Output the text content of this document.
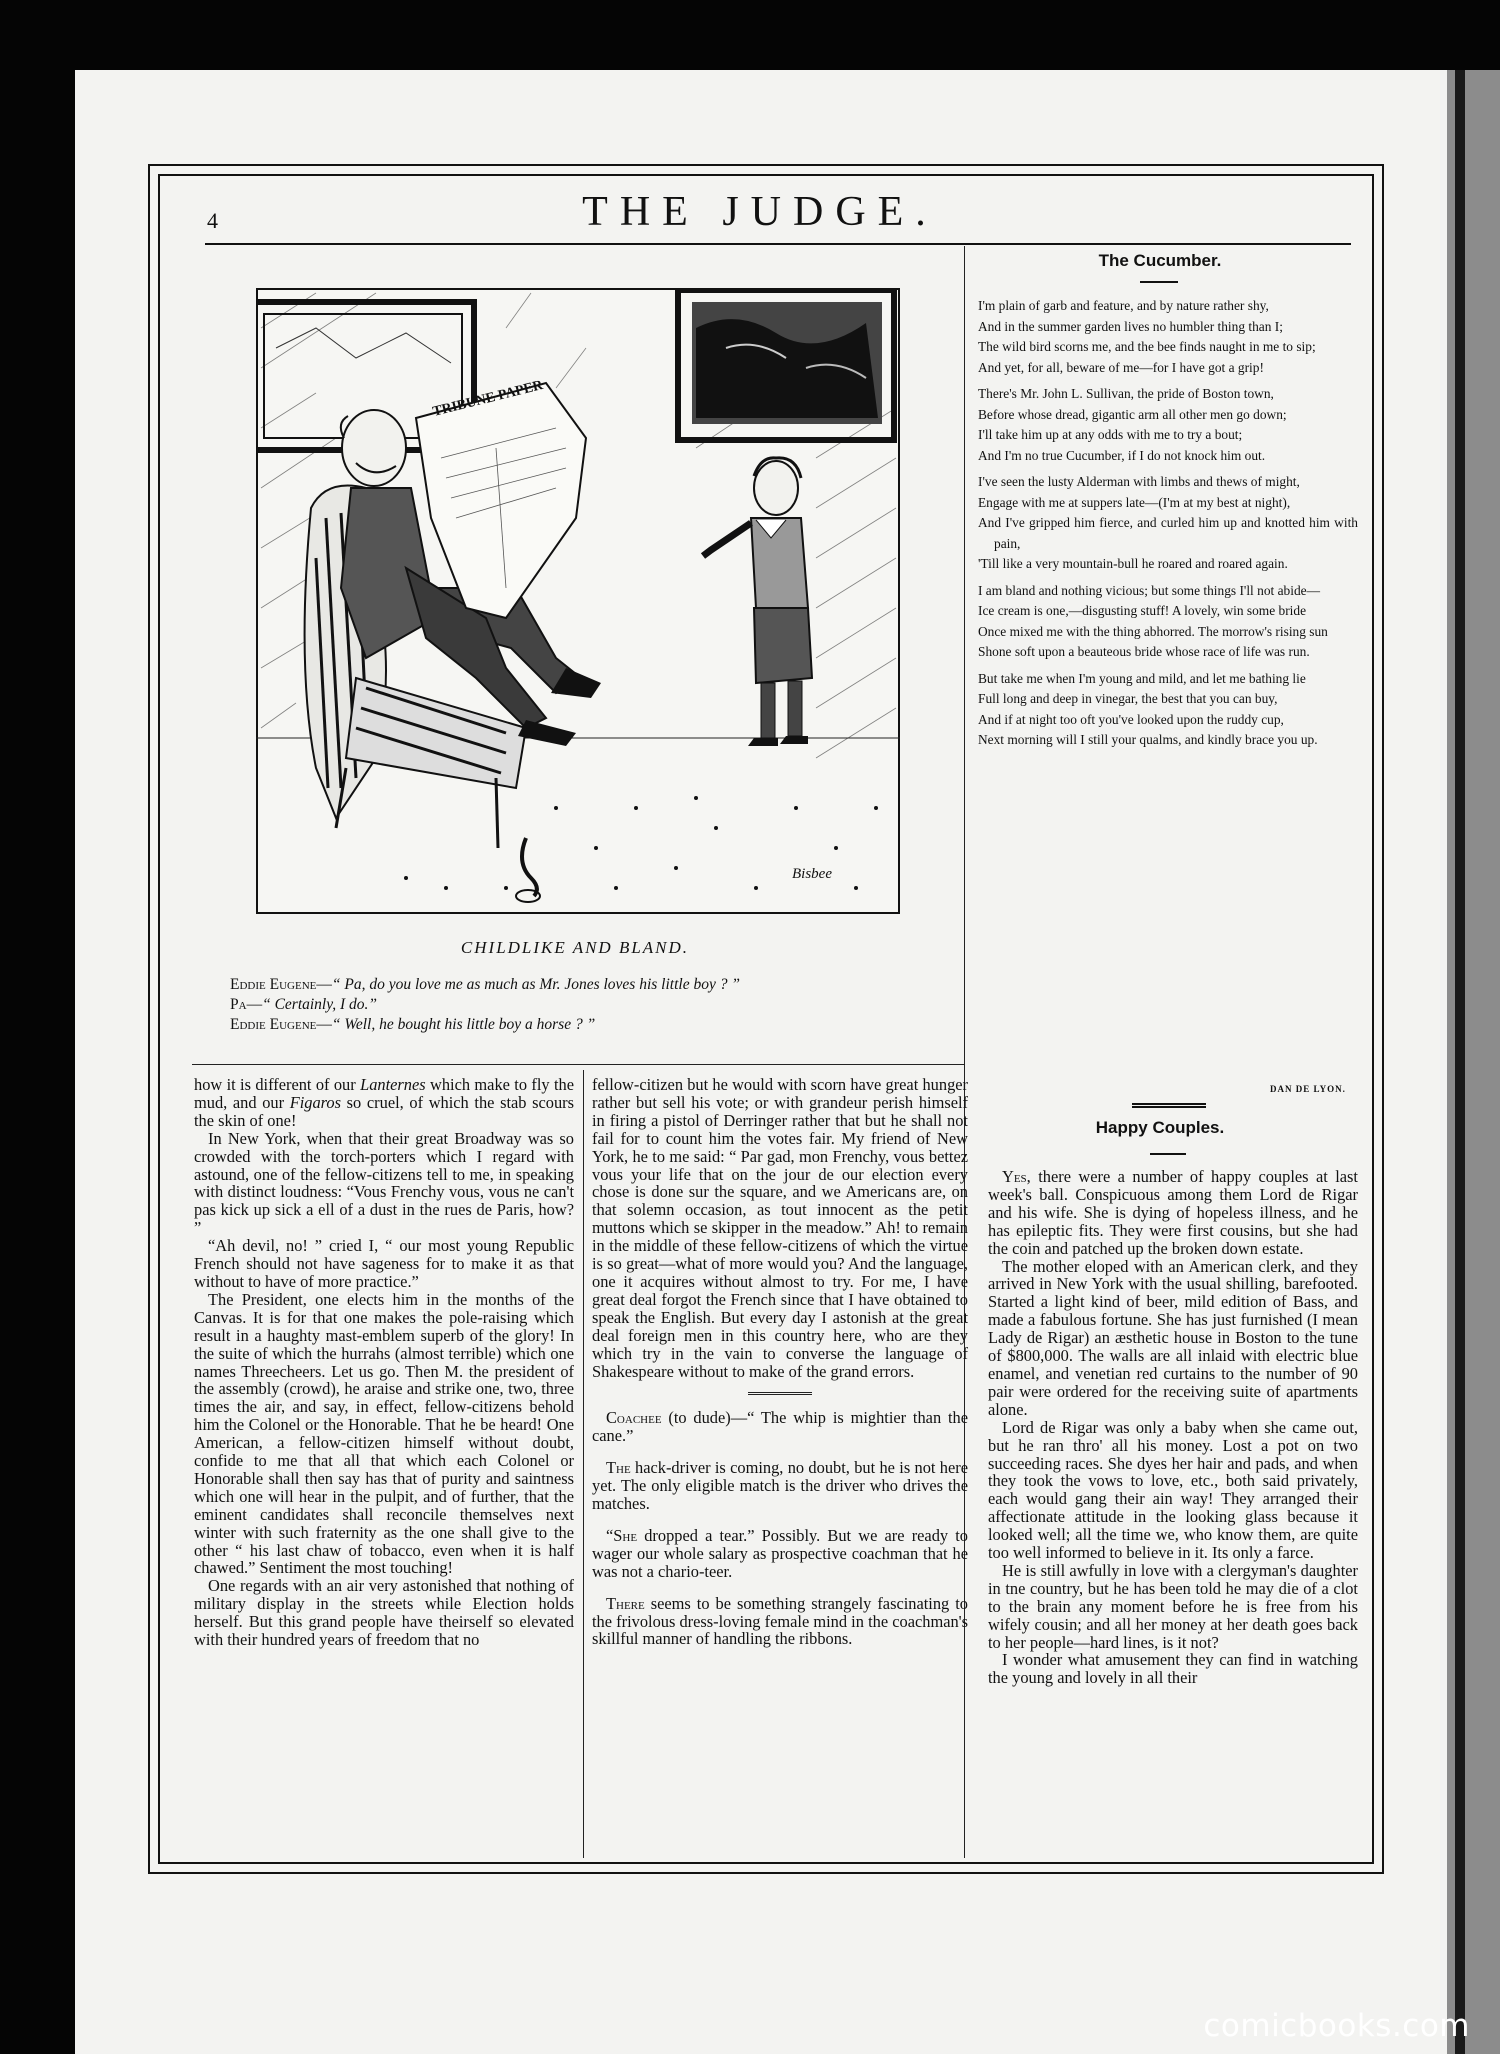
4	THE JUDGE.
TRIBUNE PAPER
Bisbee
CHILDLIKE AND BLAND.
Eddie Eugene—“ Pa, do you love me as much as Mr. Jones loves his little boy ? ”
Pa—“ Certainly, I do.”
Eddie Eugene—“ Well, he bought his little boy a horse ? ”

how it is different of our Lanternes which make to fly the mud, and our Figaros so cruel, of which the stab scours the skin of one!

In New York, when that their great Broadway was so crowded with the torch-porters which I regard with astound, one of the fellow-citizens tell to me, in speaking with distinct loudness: “Vous Frenchy vous, vous ne can't pas kick up sick a ell of a dust in the rues de Paris, how? ”

“Ah devil, no! ” cried I, “ our most young Republic French should not have sageness for to make it as that without to have of more practice.”

The President, one elects him in the months of the Canvas. It is for that one makes the pole-raising which result in a haughty mast-emblem superb of the glory! In the suite of which the hurrahs (almost terrible) which one names Threecheers. Let us go. Then M. the president of the assembly (crowd), he araise and strike one, two, three times the air, and say, in effect, fellow-citizens behold him the Colonel or the Honorable. That he be heard! One American, a fellow-citizen himself without doubt, confide to me that all that which each Colonel or Honorable shall then say has that of purity and saintness which one will hear in the pulpit, and of further, that the eminent candidates shall reconcile themselves next winter with such fraternity as the one shall give to the other “ his last chaw of tobacco, even when it is half chawed.” Sentiment the most touching!

One regards with an air very astonished that nothing of military display in the streets while Election holds herself. But this grand people have theirself so elevated with their hundred years of freedom that no

fellow-citizen but he would with scorn have great hunger rather but sell his vote; or with grandeur perish himself in firing a pistol of Derringer rather that but he shall not fail for to count him the votes fair. My friend of New York, he to me said: “ Par gad, mon Frenchy, vous bettez vous your life that on the jour de our election every chose is done sur the square, and we Americans are, on that solemn occasion, as tout innocent as the petit muttons which se skipper in the meadow.” Ah! to remain in the middle of these fellow-citizens of which the virtue is so great—what of more would you? And the language, one it acquires without almost to try. For me, I have great deal forgot the French since that I have obtained to speak the English. But every day I astonish at the great deal foreign men in this country here, who are they which try in the vain to converse the language of Shakespeare without to make of the grand errors.

Coachee (to dude)—“ The whip is mightier than the cane.”

The hack-driver is coming, no doubt, but he is not here yet. The only eligible match is the driver who drives the matches.

“She dropped a tear.” Possibly. But we are ready to wager our whole salary as prospective coachman that he was not a chario-teer.

There seems to be something strangely fascinating to the frivolous dress-loving female mind in the coachman's skillful manner of handling the ribbons.

The Cucumber.
I'm plain of garb and feature, and by nature rather shy,
And in the summer garden lives no humbler thing than I;
The wild bird scorns me, and the bee finds naught in me to sip;
And yet, for all, beware of me—for I have got a grip!
There's Mr. John L. Sullivan, the pride of Boston town,
Before whose dread, gigantic arm all other men go down;
I'll take him up at any odds with me to try a bout;
And I'm no true Cucumber, if I do not knock him out.
I've seen the lusty Alderman with limbs and thews of might,
Engage with me at suppers late—(I'm at my best at night),
And I've gripped him fierce, and curled him up and knotted him with pain,
'Till like a very mountain-bull he roared and roared again.
I am bland and nothing vicious; but some things I'll not abide—
Ice cream is one,—disgusting stuff! A lovely, win some bride
Once mixed me with the thing abhorred. The morrow's rising sun
Shone soft upon a beauteous bride whose race of life was run.
But take me when I'm young and mild, and let me bathing lie
Full long and deep in vinegar, the best that you can buy,
And if at night too oft you've looked upon the ruddy cup,
Next morning will I still your qualms, and kindly brace you up.
DAN DE LYON.
Happy Couples.

Yes, there were a number of happy couples at last week's ball. Conspicuous among them Lord de Rigar and his wife. She is dying of hopeless illness, and he has epileptic fits. They were first cousins, but she had the coin and patched up the broken down estate.

The mother eloped with an American clerk, and they arrived in New York with the usual shilling, barefooted. Started a light kind of beer, mild edition of Bass, and made a fabulous fortune. She has just furnished (I mean Lady de Rigar) an æsthetic house in Boston to the tune of $800,000. The walls are all inlaid with electric blue enamel, and venetian red curtains to the number of 90 pair were ordered for the receiving suite of apartments alone.

Lord de Rigar was only a baby when she came out, but he ran thro' all his money. Lost a pot on two succeeding races. She dyes her hair and pads, and when they took the vows to love, etc., both said privately, each would gang their ain way! They arranged their affectionate attitude in the looking glass because it looked well; all the time we, who know them, are quite too well informed to believe in it. Its only a farce.

He is still awfully in love with a clergyman's daughter in tne country, but he has been told he may die of a clot to the brain any moment before he is free from his wifely cousin; and all her money at her death goes back to her people—hard lines, is it not?

I wonder what amusement they can find in watching the young and lovely in all their

comicbooks.com
